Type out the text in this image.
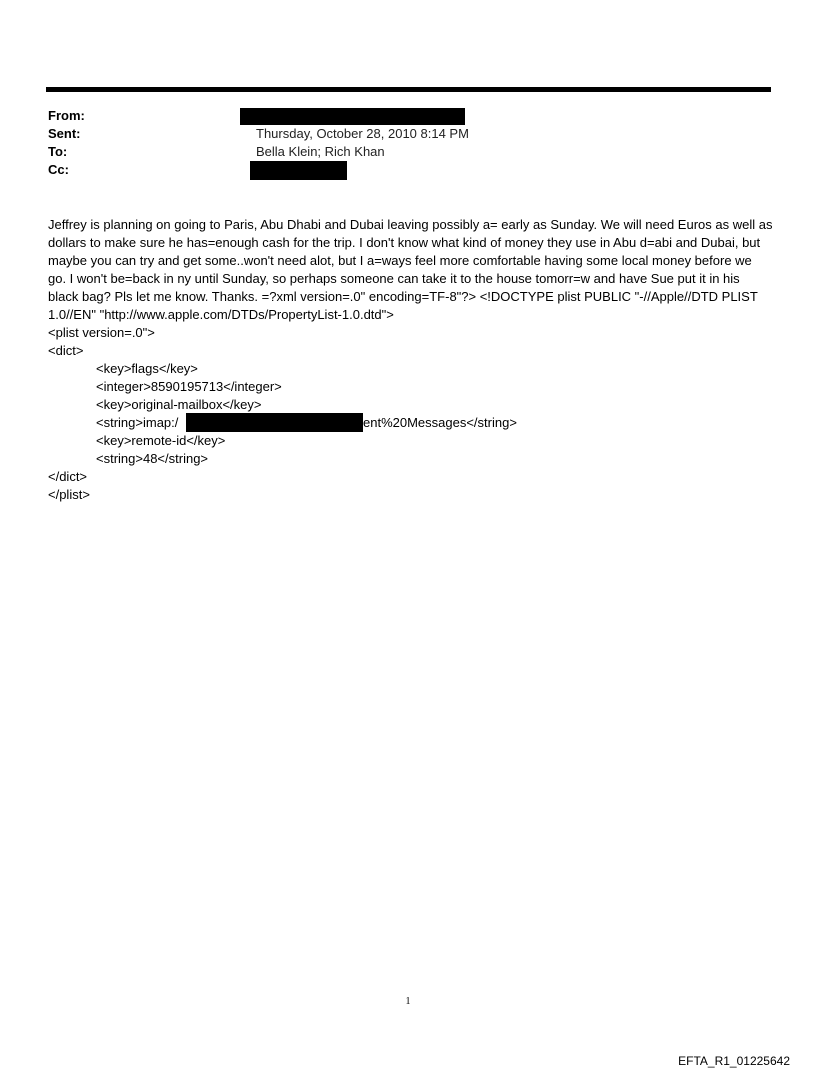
From:
Sent:
To:
Cc:
Thursday, October 28, 2010 8:14 PM
Bella Klein; Rich Khan
Jeffrey is planning on going to Paris, Abu Dhabi and Dubai leaving possibly a= early as Sunday. We will need Euros as well as dollars to make sure he has=enough cash for the trip. I don't know what kind of money they use in Abu d=abi and Dubai, but maybe you can try and get some..won't need alot, but I a=ways feel more comfortable having some local money before we go. I won't be=back in ny until Sunday, so perhaps someone can take it to the house tomorr=w and have Sue put it in his black bag? Pls let me know. Thanks. =?xml version=.0" encoding=TF-8"?> <!DOCTYPE plist PUBLIC "-//Apple//DTD PLIST 1.0//EN" "http://www.apple.com/DTDs/PropertyList-1.0.dtd">
<plist version=.0">
<dict>
<key>flags</key>
<integer>8590195713</integer>
<key>original-mailbox</key>
<string>imap:/	ent%20Messages</string>
<key>remote-id</key>
<string>48</string>
</dict>
</plist>
1
EFTA_R1_01225642
